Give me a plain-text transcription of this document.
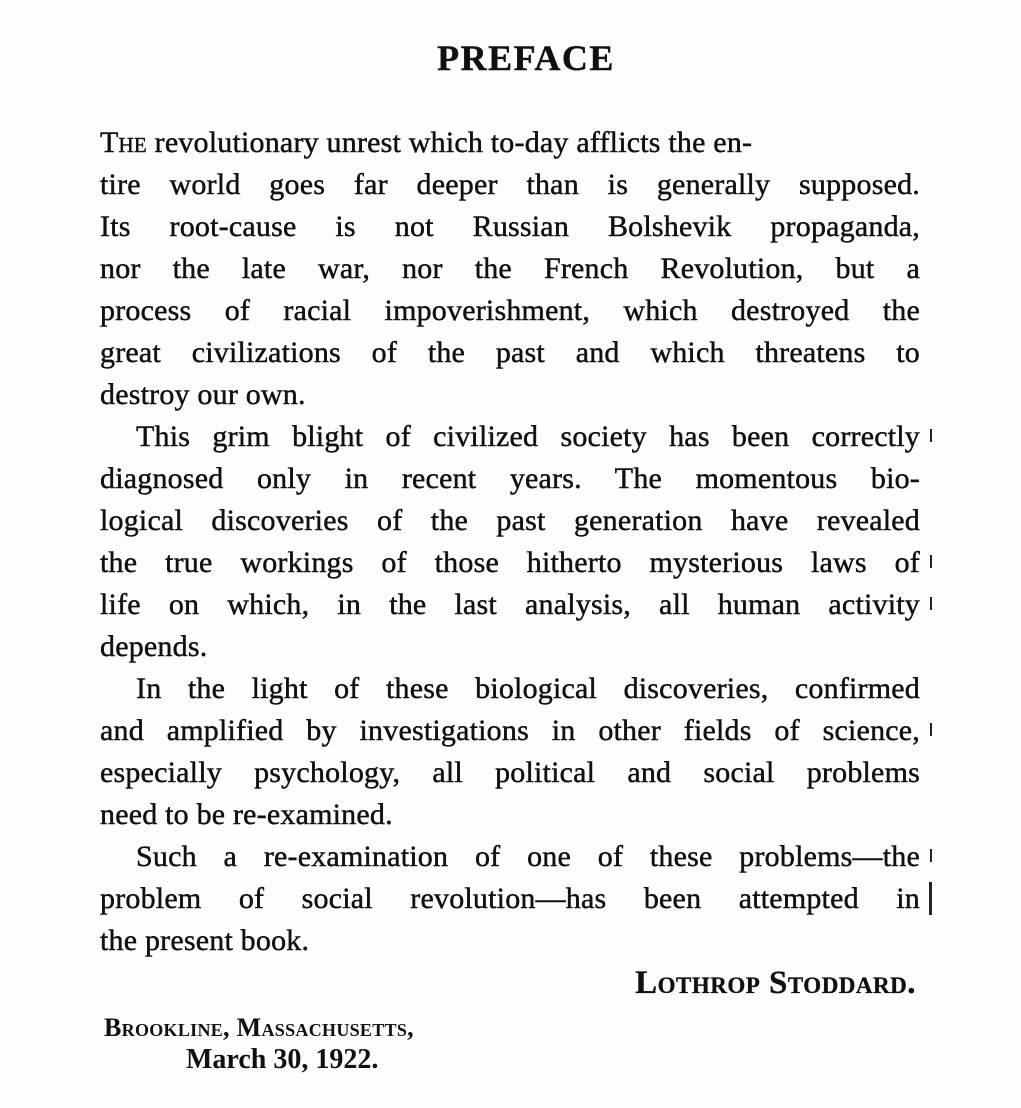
PREFACE

The revolutionary unrest which to-day afflicts the en-
tire world goes far deeper than is generally supposed.
Its root-cause is not Russian Bolshevik propaganda,
nor the late war, nor the French Revolution, but a
process of racial impoverishment, which destroyed the
great civilizations of the past and which threatens to
destroy our own.

This grim blight of civilized society has been correctly
diagnosed only in recent years. The momentous bio-
logical discoveries of the past generation have revealed
the true workings of those hitherto mysterious laws of
life on which, in the last analysis, all human activity
depends.

In the light of these biological discoveries, confirmed
and amplified by investigations in other fields of science,
especially psychology, all political and social problems
need to be re-examined.

Such a re-examination of one of these problems—the
problem of social revolution—has been attempted in
the present book.

Lothrop Stoddard.
Brookline, Massachusetts,
March 30, 1922.
